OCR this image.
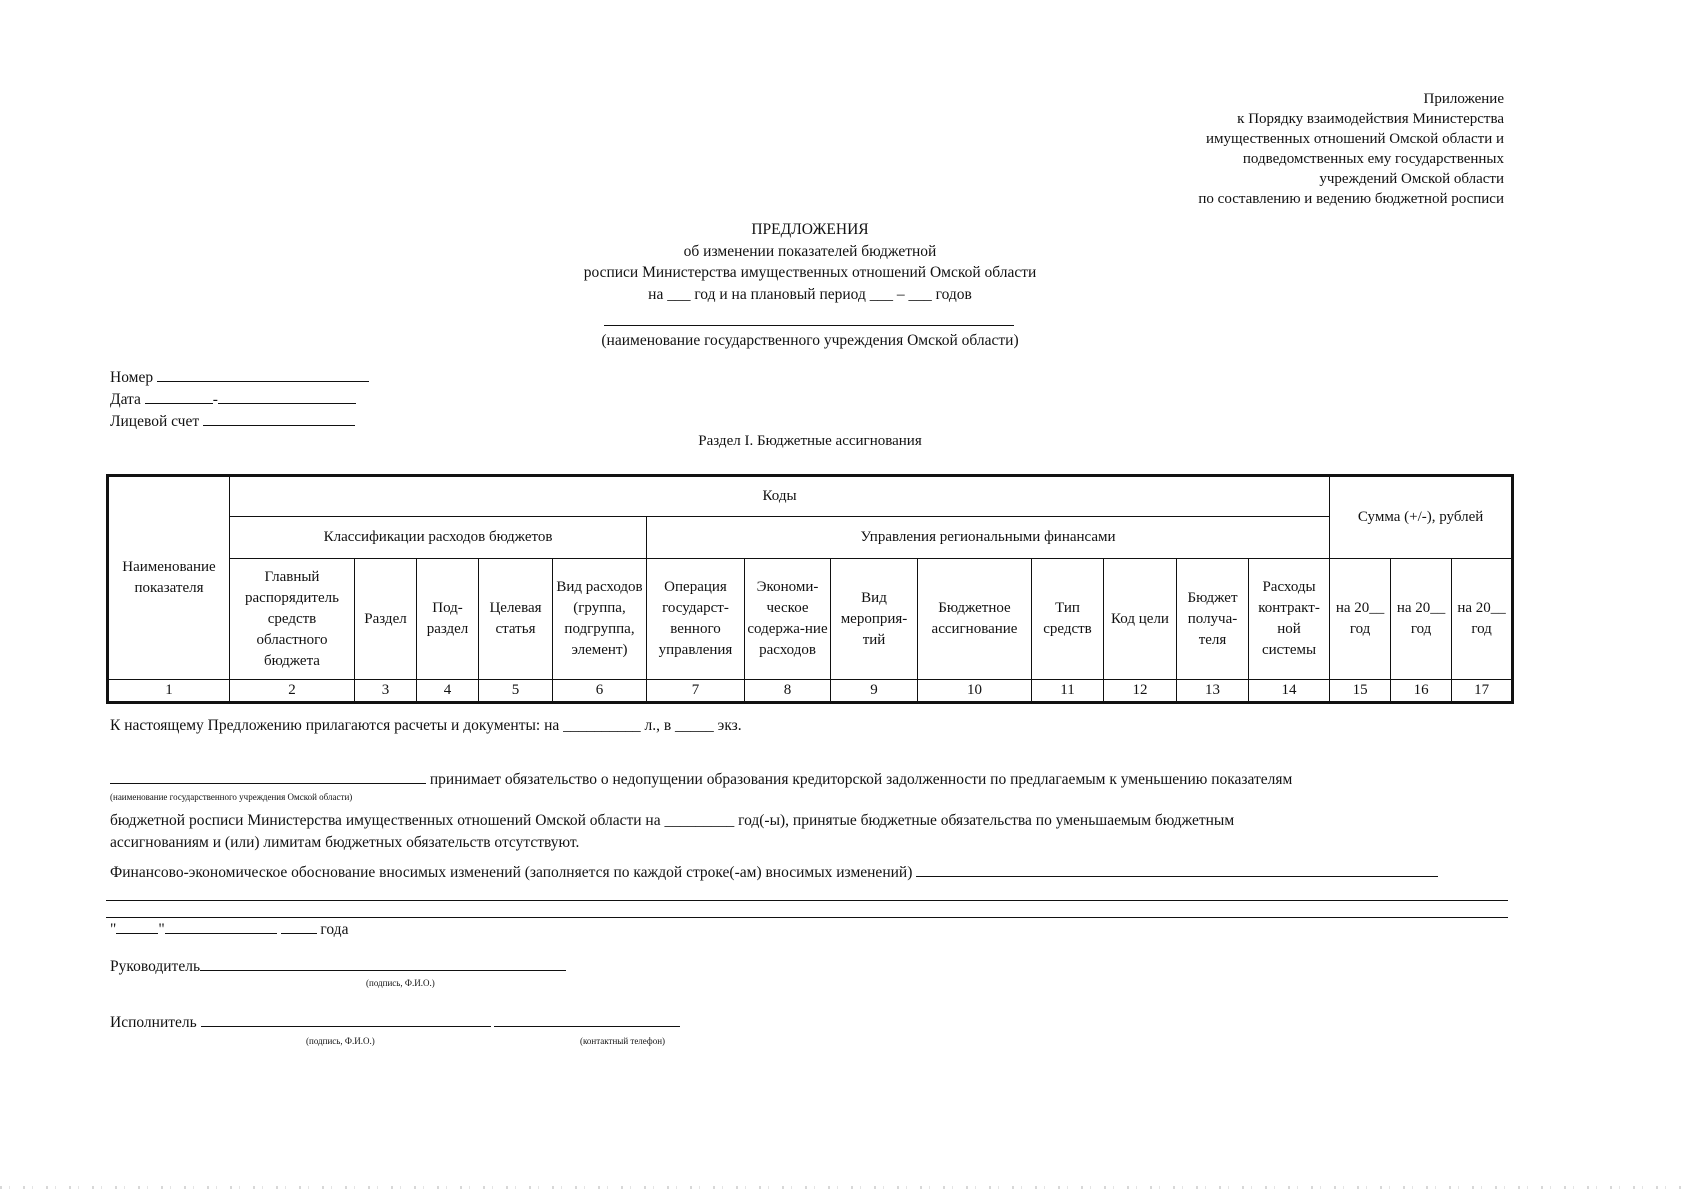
Приложение
к Порядку взаимодействия Министерства
имущественных отношений Омской области и
подведомственных ему государственных
учреждений Омской области
по составлению и ведению бюджетной росписи
ПРЕДЛОЖЕНИЯ
об изменении показателей бюджетной
росписи Министерства имущественных отношений Омской области
на ___ год и на плановый период ___ – ___ годов
(наименование государственного учреждения Омской области)
Номер
Дата	-
Лицевой счет
Раздел I. Бюджетные ассигнования
Наименование показателя	Коды													Сумма (+/-), рублей		
	Классификации расходов бюджетов					Управления региональными финансами										
	Главный распорядитель средств областного бюджета	Раздел	Под-раздел	Целевая статья	Вид расходов (группа, подгруппа, элемент)	Операция государст-венного управления	Экономи-ческое содержа-ние расходов	Вид мероприя-тий	Бюджетное ассигнование	Тип средств	Код цели	Бюджет получа-теля	Расходы контракт-ной системы	на 20__ год	на 20__ год	на 20__ год
1	2	3	4	5	6	7	8	9	10	11	12	13	14	15	16	17
К настоящему Предложению прилагаются расчеты и документы: на __________ л., в _____ экз.
принимает обязательство о недопущении образования кредиторской задолженности по предлагаемым к уменьшению показателям
(наименование государственного учреждения Омской области)
бюджетной росписи Министерства имущественных отношений Омской области на _________ год(-ы), принятые бюджетные обязательства по уменьшаемым бюджетным
ассигнованиям и (или) лимитам бюджетных обязательств отсутствуют.
Финансово-экономическое обоснование вносимых изменений (заполняется по каждой строке(-ам) вносимых изменений)
"	"	года
Руководитель
(подпись, Ф.И.О.)
Исполнитель
(подпись, Ф.И.О.)	(контактный телефон)
